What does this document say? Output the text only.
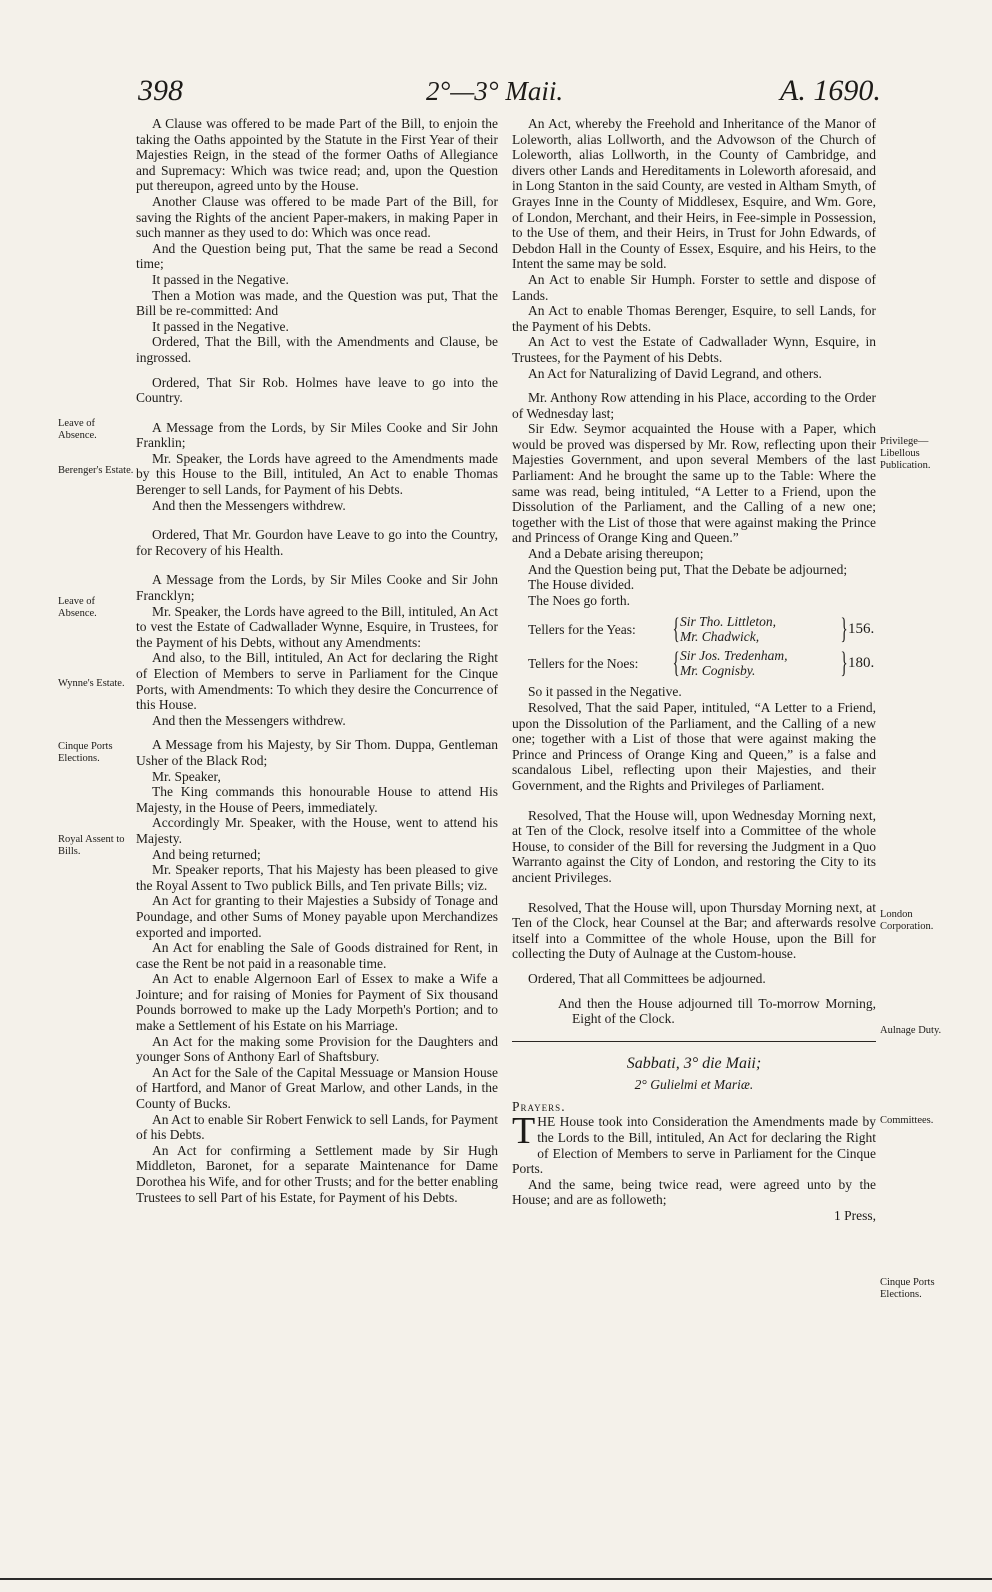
398	2°—3° Maii.	A. 1690.

A Clause was offered to be made Part of the Bill, to enjoin the taking the Oaths appointed by the Statute in the First Year of their Majesties Reign, in the stead of the former Oaths of Allegiance and Supremacy: Which was twice read; and, upon the Question put thereupon, agreed unto by the House.

Another Clause was offered to be made Part of the Bill, for saving the Rights of the ancient Paper-makers, in making Paper in such manner as they used to do: Which was once read.

And the Question being put, That the same be read a Second time;

It passed in the Negative.

Then a Motion was made, and the Question was put, That the Bill be re-committed: And

It passed in the Negative.

Ordered, That the Bill, with the Amendments and Clause, be ingrossed.

Ordered, That Sir Rob. Holmes have leave to go into the Country.

A Message from the Lords, by Sir Miles Cooke and Sir John Franklin;

Mr. Speaker, the Lords have agreed to the Amendments made by this House to the Bill, intituled, An Act to enable Thomas Berenger to sell Lands, for Payment of his Debts.

And then the Messengers withdrew.

Ordered, That Mr. Gourdon have Leave to go into the Country, for Recovery of his Health.

A Message from the Lords, by Sir Miles Cooke and Sir John Francklyn;

Mr. Speaker, the Lords have agreed to the Bill, intituled, An Act to vest the Estate of Cadwallader Wynne, Esquire, in Trustees, for the Payment of his Debts, without any Amendments:

And also, to the Bill, intituled, An Act for declaring the Right of Election of Members to serve in Parliament for the Cinque Ports, with Amendments: To which they desire the Concurrence of this House.

And then the Messengers withdrew.

A Message from his Majesty, by Sir Thom. Duppa, Gentleman Usher of the Black Rod;

Mr. Speaker,

The King commands this honourable House to attend His Majesty, in the House of Peers, immediately.

Accordingly Mr. Speaker, with the House, went to attend his Majesty.

And being returned;

Mr. Speaker reports, That his Majesty has been pleased to give the Royal Assent to Two publick Bills, and Ten private Bills; viz.

An Act for granting to their Majesties a Subsidy of Tonage and Poundage, and other Sums of Money payable upon Merchandizes exported and imported.

An Act for enabling the Sale of Goods distrained for Rent, in case the Rent be not paid in a reasonable time.

An Act to enable Algernoon Earl of Essex to make a Wife a Jointure; and for raising of Monies for Payment of Six thousand Pounds borrowed to make up the Lady Morpeth's Portion; and to make a Settlement of his Estate on his Marriage.

An Act for the making some Provision for the Daughters and younger Sons of Anthony Earl of Shaftsbury.

An Act for the Sale of the Capital Messuage or Mansion House of Hartford, and Manor of Great Marlow, and other Lands, in the County of Bucks.

An Act to enable Sir Robert Fenwick to sell Lands, for Payment of his Debts.

An Act for confirming a Settlement made by Sir Hugh Middleton, Baronet, for a separate Maintenance for Dame Dorothea his Wife, and for other Trusts; and for the better enabling Trustees to sell Part of his Estate, for Payment of his Debts.

An Act, whereby the Freehold and Inheritance of the Manor of Loleworth, alias Lollworth, and the Advowson of the Church of Loleworth, alias Lollworth, in the County of Cambridge, and divers other Lands and Hereditaments in Loleworth aforesaid, and in Long Stanton in the said County, are vested in Altham Smyth, of Grayes Inne in the County of Middlesex, Esquire, and Wm. Gore, of London, Merchant, and their Heirs, in Fee-simple in Possession, to the Use of them, and their Heirs, in Trust for John Edwards, of Debdon Hall in the County of Essex, Esquire, and his Heirs, to the Intent the same may be sold.

An Act to enable Sir Humph. Forster to settle and dispose of Lands.

An Act to enable Thomas Berenger, Esquire, to sell Lands, for the Payment of his Debts.

An Act to vest the Estate of Cadwallader Wynn, Esquire, in Trustees, for the Payment of his Debts.

An Act for Naturalizing of David Legrand, and others.

Mr. Anthony Row attending in his Place, according to the Order of Wednesday last;

Sir Edw. Seymor acquainted the House with a Paper, which would be proved was dispersed by Mr. Row, reflecting upon their Majesties Government, and upon several Members of the last Parliament: And he brought the same up to the Table: Where the same was read, being intituled, “A Letter to a Friend, upon the Dissolution of the Parliament, and the Calling of a new one; together with the List of those that were against making the Prince and Princess of Orange King and Queen.”

And a Debate arising thereupon;

And the Question being put, That the Debate be adjourned;

The House divided.

The Noes go forth.

Tellers for the Yeas:	{ Sir Tho. Littleton,
Mr. Chadwick,	} 156.
Tellers for the Noes:	{ Sir Jos. Tredenham,
Mr. Cognisby.	} 180.

So it passed in the Negative.

Resolved, That the said Paper, intituled, “A Letter to a Friend, upon the Dissolution of the Parliament, and the Calling of a new one; together with a List of those that were against making the Prince and Princess of Orange King and Queen,” is a false and scandalous Libel, reflecting upon their Majesties, and their Government, and the Rights and Privileges of Parliament.

Resolved, That the House will, upon Wednesday Morning next, at Ten of the Clock, resolve itself into a Committee of the whole House, to consider of the Bill for reversing the Judgment in a Quo Warranto against the City of London, and restoring the City to its ancient Privileges.

Resolved, That the House will, upon Thursday Morning next, at Ten of the Clock, hear Counsel at the Bar; and afterwards resolve itself into a Committee of the whole House, upon the Bill for collecting the Duty of Aulnage at the Custom-house.

Ordered, That all Committees be adjourned.

And then the House adjourned till To-morrow Morning, Eight of the Clock.

Sabbati, 3° die Maii;

2° Gulielmi et Mariæ.

Prayers.

THE House took into Consideration the Amendments made by the Lords to the Bill, intituled, An Act for declaring the Right of Election of Members to serve in Parliament for the Cinque Ports.

And the same, being twice read, were agreed unto by the House; and are as followeth;

1 Press,

Leave of Absence.
Berenger's Estate.
Leave of Absence.
Wynne's Estate.
Cinque Ports Elections.
Royal Assent to Bills.
Privilege—Libellous Publication.
London Corporation.
Aulnage Duty.
Committees.
Cinque Ports Elections.
